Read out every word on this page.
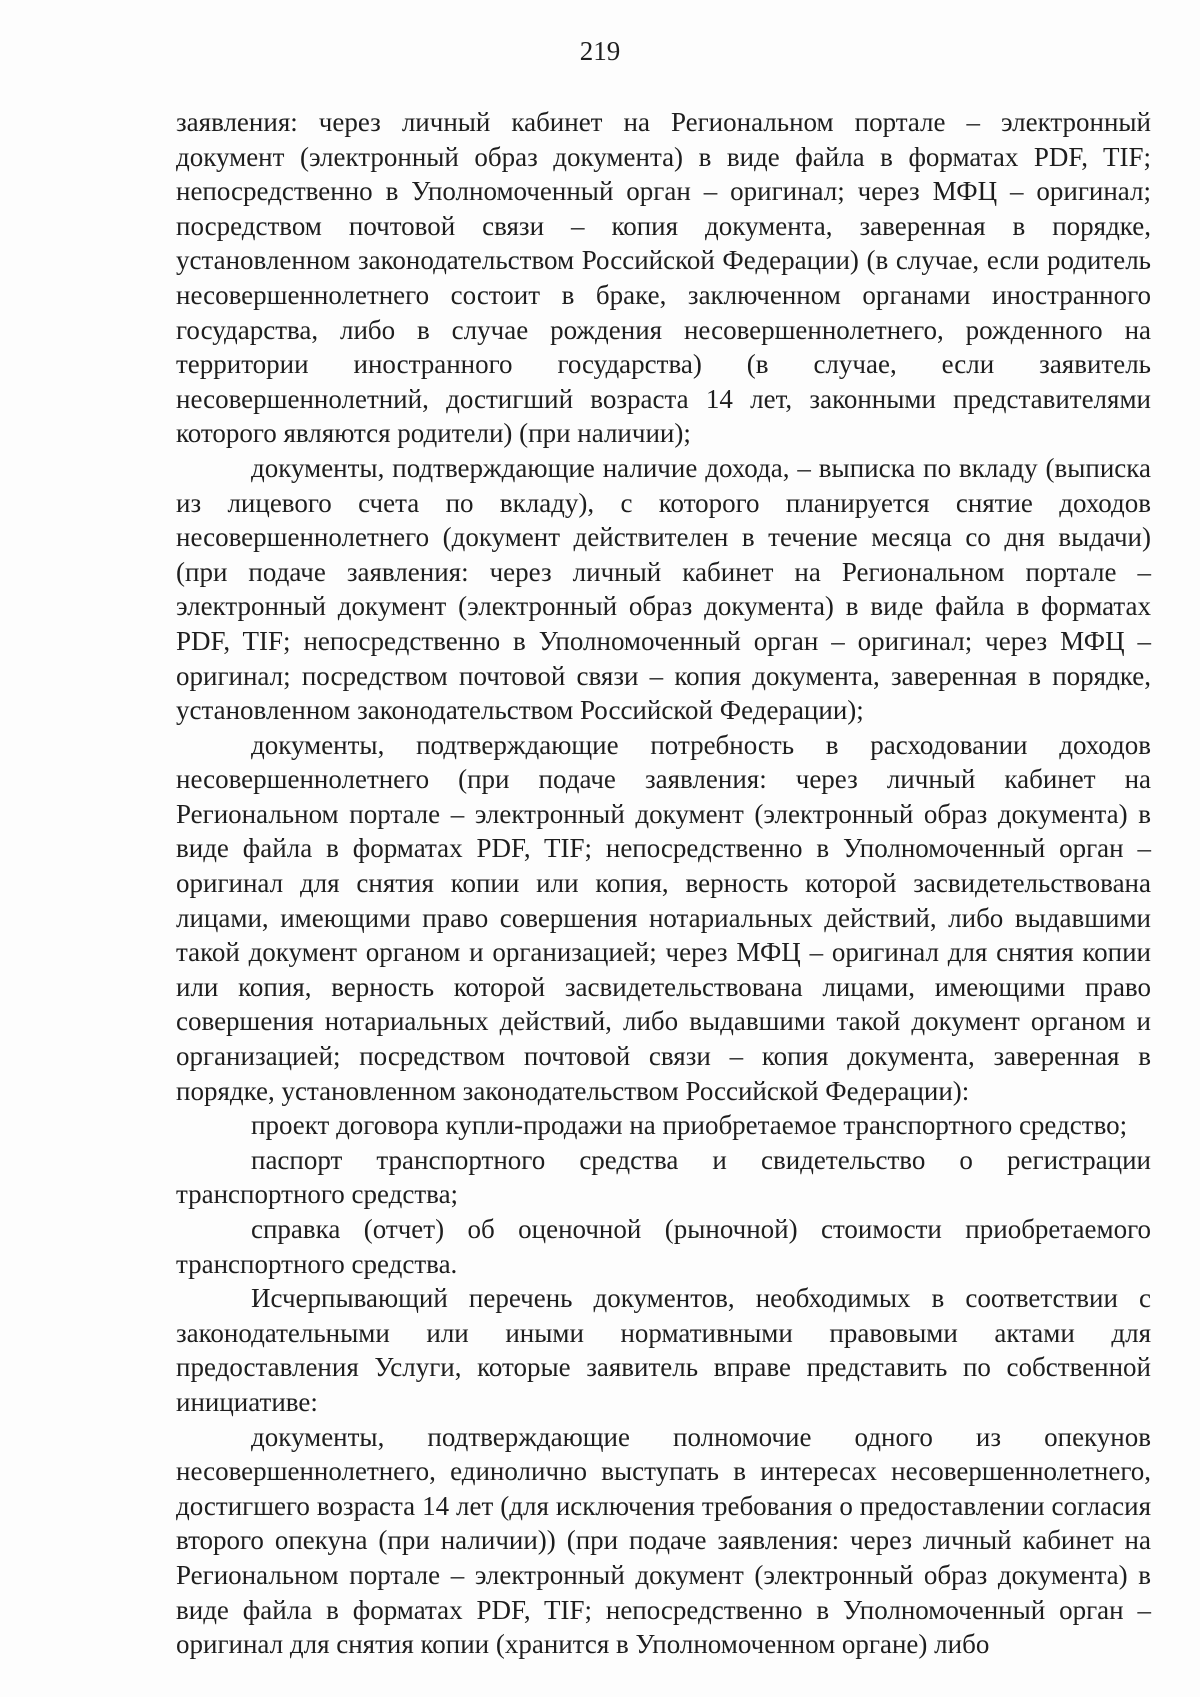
219

заявления: через личный кабинет на Региональном портале – электронный документ (электронный образ документа) в виде файла в форматах PDF, TIF; непосредственно в Уполномоченный орган – оригинал; через МФЦ – оригинал; посредством почтовой связи – копия документа, заверенная в порядке, установленном законодательством Российской Федерации) (в случае, если родитель несовершеннолетнего состоит в браке, заключенном органами иностранного государства, либо в случае рождения несовершеннолетнего, рожденного на территории иностранного государства) (в случае, если заявитель несовершеннолетний, достигший возраста 14 лет, законными представителями которого являются родители) (при наличии);

документы, подтверждающие наличие дохода, – выписка по вкладу (выписка из лицевого счета по вкладу), с которого планируется снятие доходов несовершеннолетнего (документ действителен в течение месяца со дня выдачи) (при подаче заявления: через личный кабинет на Региональном портале – электронный документ (электронный образ документа) в виде файла в форматах PDF, TIF; непосредственно в Уполномоченный орган – оригинал; через МФЦ – оригинал; посредством почтовой связи – копия документа, заверенная в порядке, установленном законодательством Российской Федерации);

документы, подтверждающие потребность в расходовании доходов несовершеннолетнего (при подаче заявления: через личный кабинет на Региональном портале – электронный документ (электронный образ документа) в виде файла в форматах PDF, TIF; непосредственно в Уполномоченный орган – оригинал для снятия копии или копия, верность которой засвидетельствована лицами, имеющими право совершения нотариальных действий, либо выдавшими такой документ органом и организацией; через МФЦ – оригинал для снятия копии или копия, верность которой засвидетельствована лицами, имеющими право совершения нотариальных действий, либо выдавшими такой документ органом и организацией; посредством почтовой связи – копия документа, заверенная в порядке, установленном законодательством Российской Федерации):

проект договора купли-продажи на приобретаемое транспортного средство;

паспорт транспортного средства и свидетельство о регистрации транспортного средства;

справка (отчет) об оценочной (рыночной) стоимости приобретаемого транспортного средства.

Исчерпывающий перечень документов, необходимых в соответствии с законодательными или иными нормативными правовыми актами для предоставления Услуги, которые заявитель вправе представить по собственной инициативе:

документы, подтверждающие полномочие одного из опекунов несовершеннолетнего, единолично выступать в интересах несовершеннолетнего, достигшего возраста 14 лет (для исключения требования о предоставлении согласия второго опекуна (при наличии)) (при подаче заявления: через личный кабинет на Региональном портале – электронный документ (электронный образ документа) в виде файла в форматах PDF, TIF; непосредственно в Уполномоченный орган – оригинал для снятия копии (хранится в Уполномоченном органе) либо
